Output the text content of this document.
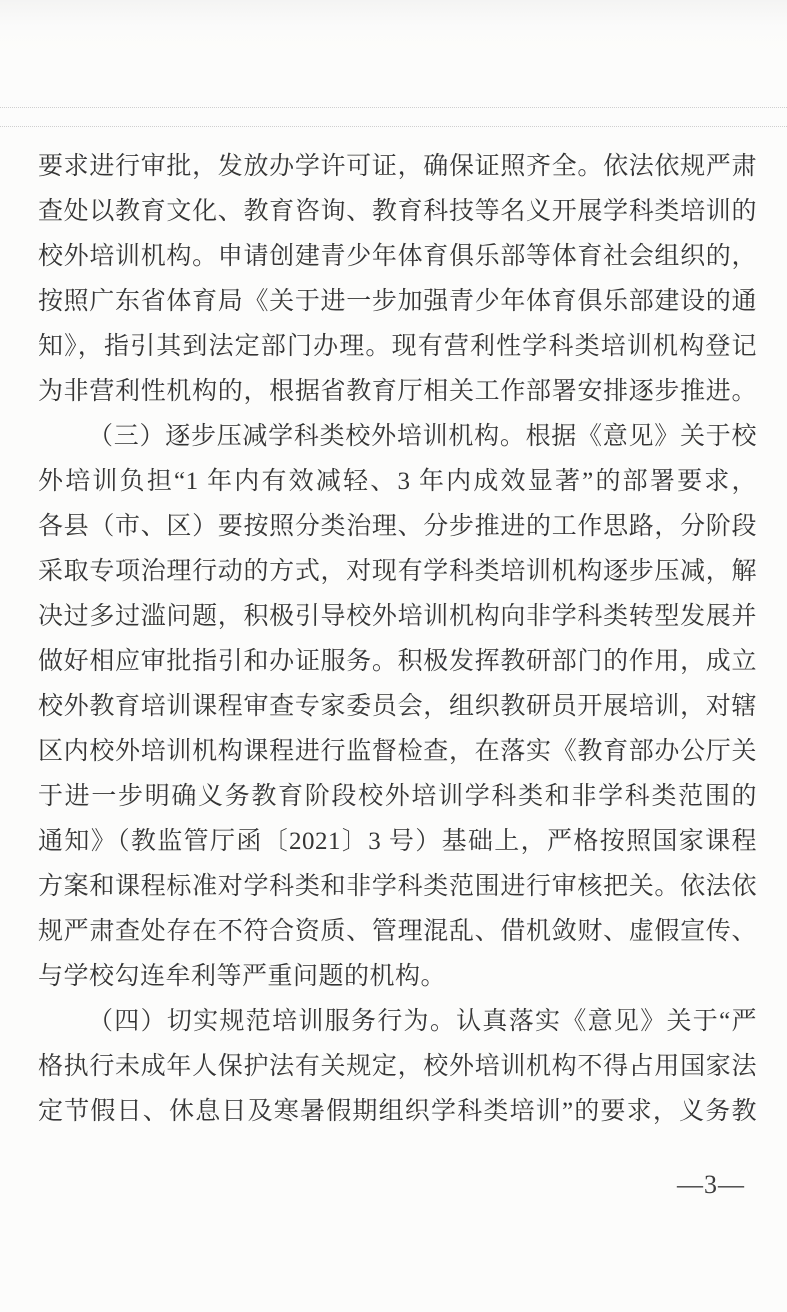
要求进行审批，发放办学许可证，确保证照齐全。依法依规严肃
查处以教育文化、教育咨询、教育科技等名义开展学科类培训的
校外培训机构。申请创建青少年体育俱乐部等体育社会组织的，
按照广东省体育局《关于进一步加强青少年体育俱乐部建设的通
知》，指引其到法定部门办理。现有营利性学科类培训机构登记
为非营利性机构的，根据省教育厅相关工作部署安排逐步推进。
（三）逐步压减学科类校外培训机构。根据《意见》关于校
外培训负担“1 年内有效减轻、3 年内成效显著”的部署要求，
各县（市、区）要按照分类治理、分步推进的工作思路，分阶段
采取专项治理行动的方式，对现有学科类培训机构逐步压减，解
决过多过滥问题，积极引导校外培训机构向非学科类转型发展并
做好相应审批指引和办证服务。积极发挥教研部门的作用，成立
校外教育培训课程审查专家委员会，组织教研员开展培训，对辖
区内校外培训机构课程进行监督检查，在落实《教育部办公厅关
于进一步明确义务教育阶段校外培训学科类和非学科类范围的
通知》（教监管厅函〔2021〕3 号）基础上，严格按照国家课程
方案和课程标准对学科类和非学科类范围进行审核把关。依法依
规严肃查处存在不符合资质、管理混乱、借机敛财、虚假宣传、
与学校勾连牟利等严重问题的机构。
（四）切实规范培训服务行为。认真落实《意见》关于“严
格执行未成年人保护法有关规定，校外培训机构不得占用国家法
定节假日、休息日及寒暑假期组织学科类培训”的要求，义务教
—3—
